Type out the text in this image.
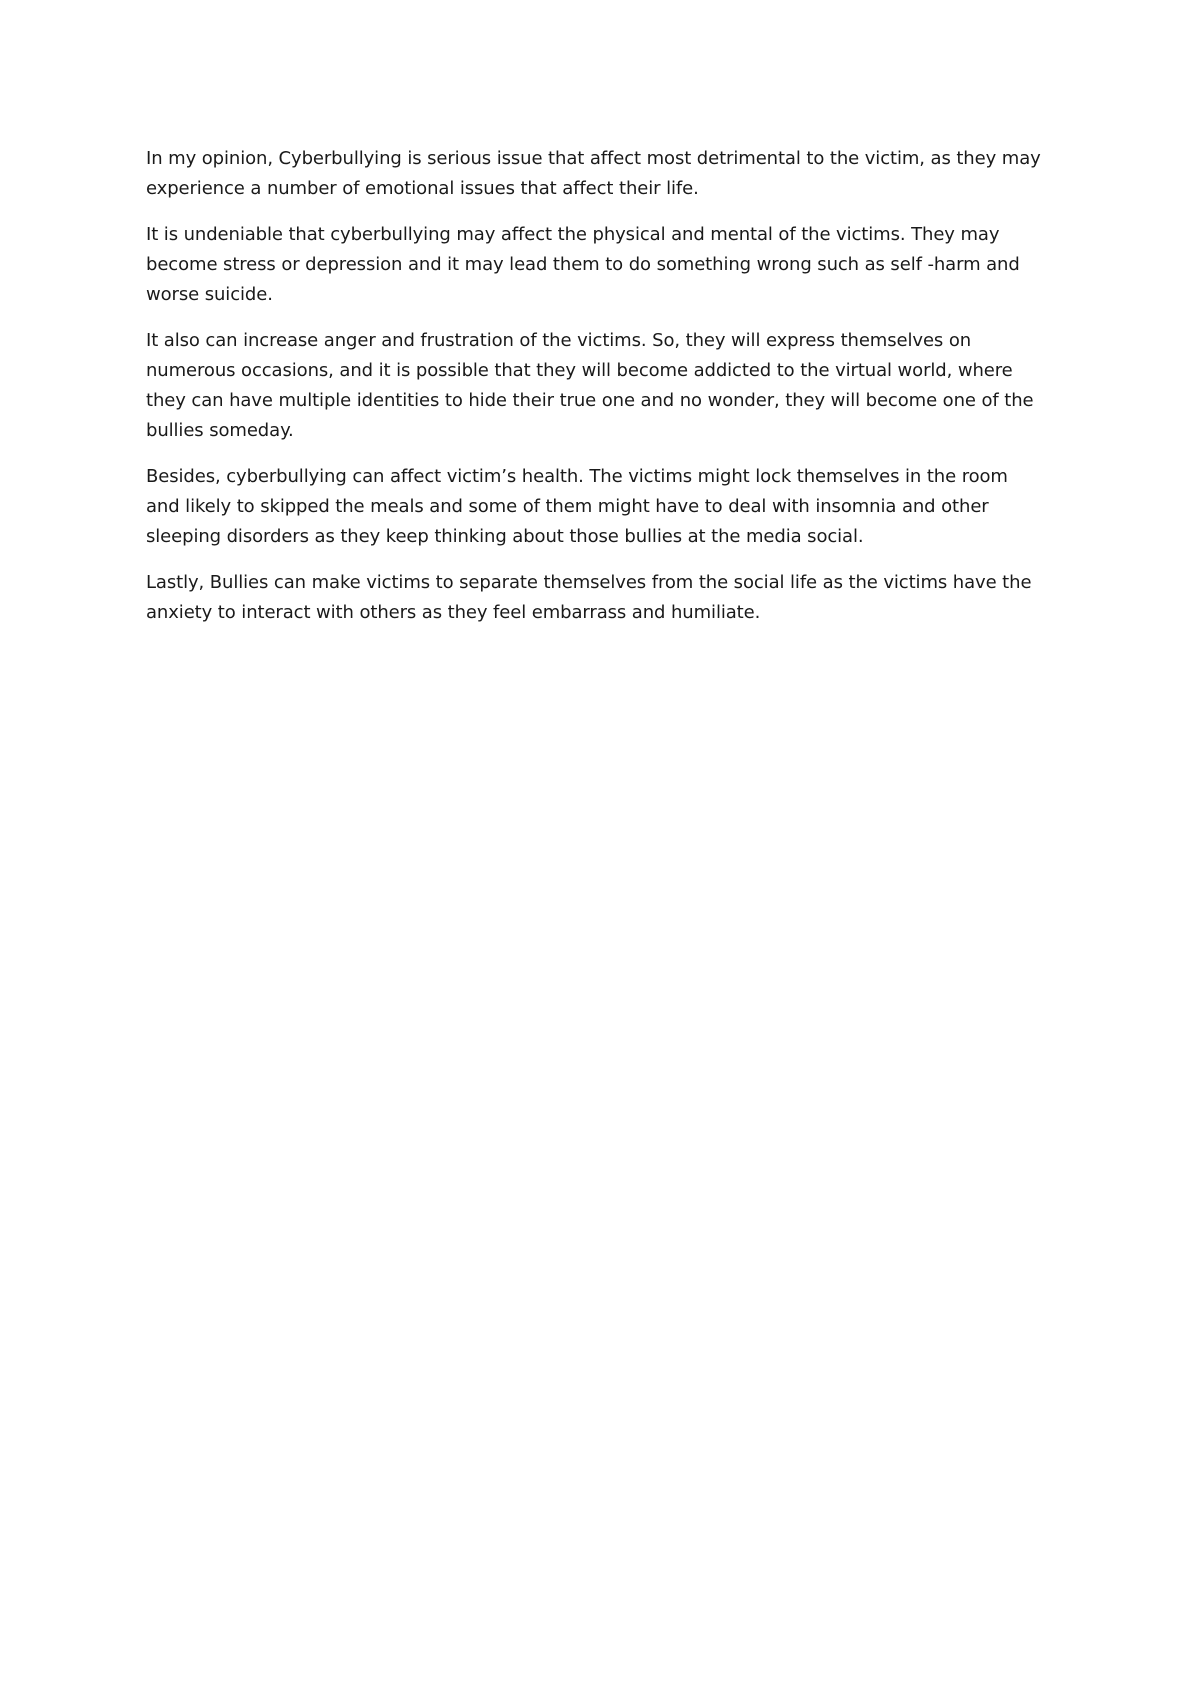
In my opinion, Cyberbullying is serious issue that affect most detrimental to the victim, as they may experience a number of emotional issues that affect their life.

It is undeniable that cyberbullying may affect the physical and mental of the victims. They may become stress or depression and it may lead them to do something wrong such as self -harm and worse suicide.

It also can increase anger and frustration of the victims. So, they will express themselves on numerous occasions, and it is possible that they will become addicted to the virtual world, where they can have multiple identities to hide their true one and no wonder, they will become one of the bullies someday.

Besides, cyberbullying can affect victim’s health. The victims might lock themselves in the room and likely to skipped the meals and some of them might have to deal with insomnia and other sleeping disorders as they keep thinking about those bullies at the media social.

Lastly, Bullies can make victims to separate themselves from the social life as the victims have the anxiety to interact with others as they feel embarrass and humiliate.
